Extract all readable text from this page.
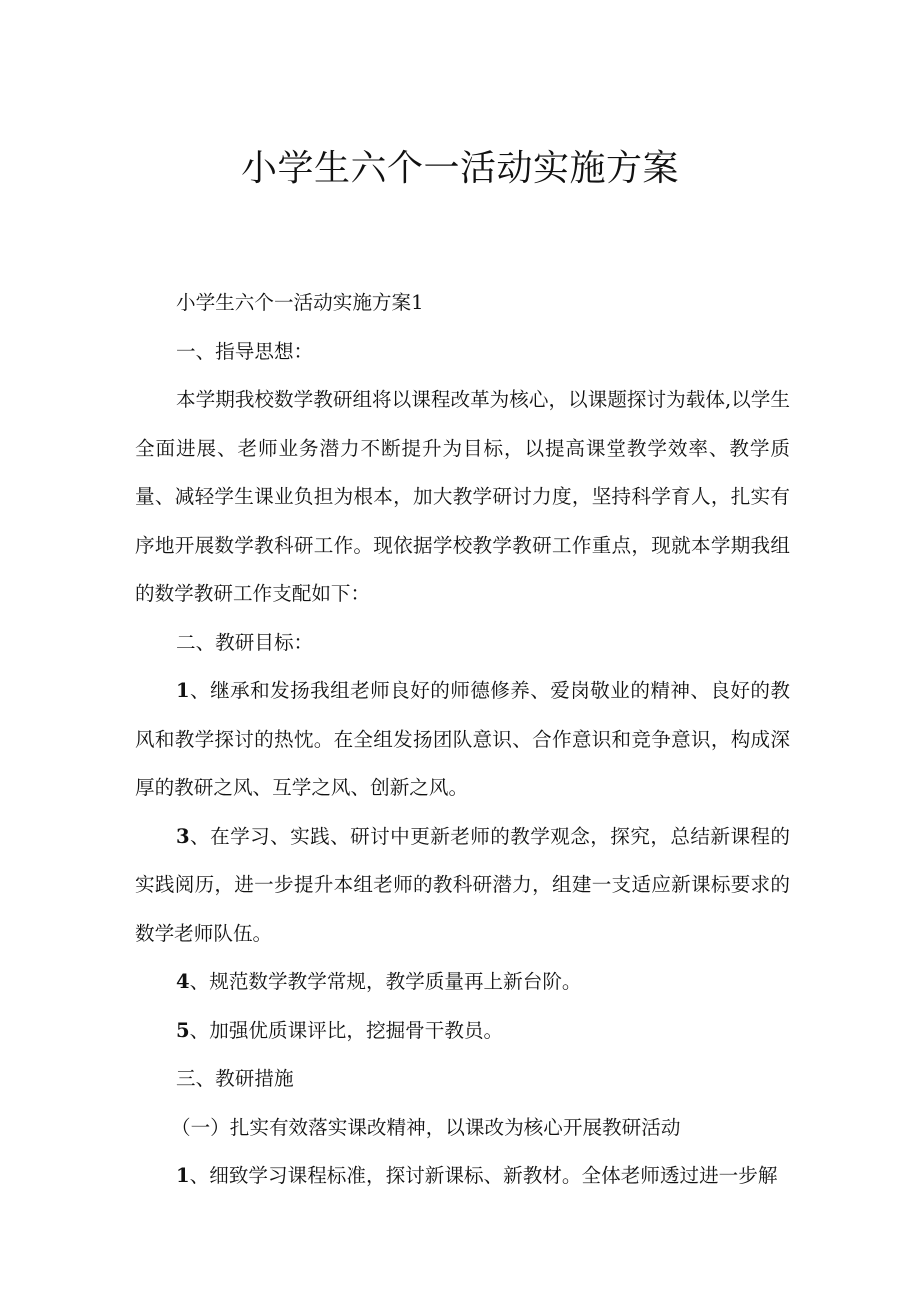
小学生六个一活动实施方案

小学生六个一活动实施方案1

一、指导思想：

本学期我校数学教研组将以课程改革为核心，以课题探讨为载体,以学生全面进展、老师业务潜力不断提升为目标，以提高课堂教学效率、教学质量、减轻学生课业负担为根本，加大教学研讨力度，坚持科学育人，扎实有序地开展数学教科研工作。现依据学校教学教研工作重点，现就本学期我组的数学教研工作支配如下：

二、教研目标：

1、继承和发扬我组老师良好的师德修养、爱岗敬业的精神、良好的教风和教学探讨的热忱。在全组发扬团队意识、合作意识和竞争意识，构成深厚的教研之风、互学之风、创新之风。

3、在学习、实践、研讨中更新老师的教学观念，探究，总结新课程的实践阅历，进一步提升本组老师的教科研潜力，组建一支适应新课标要求的数学老师队伍。

4、规范数学教学常规，教学质量再上新台阶。

5、加强优质课评比，挖掘骨干教员。

三、教研措施

（一）扎实有效落实课改精神，以课改为核心开展教研活动

1、细致学习课程标准，探讨新课标、新教材。全体老师透过进一步解
